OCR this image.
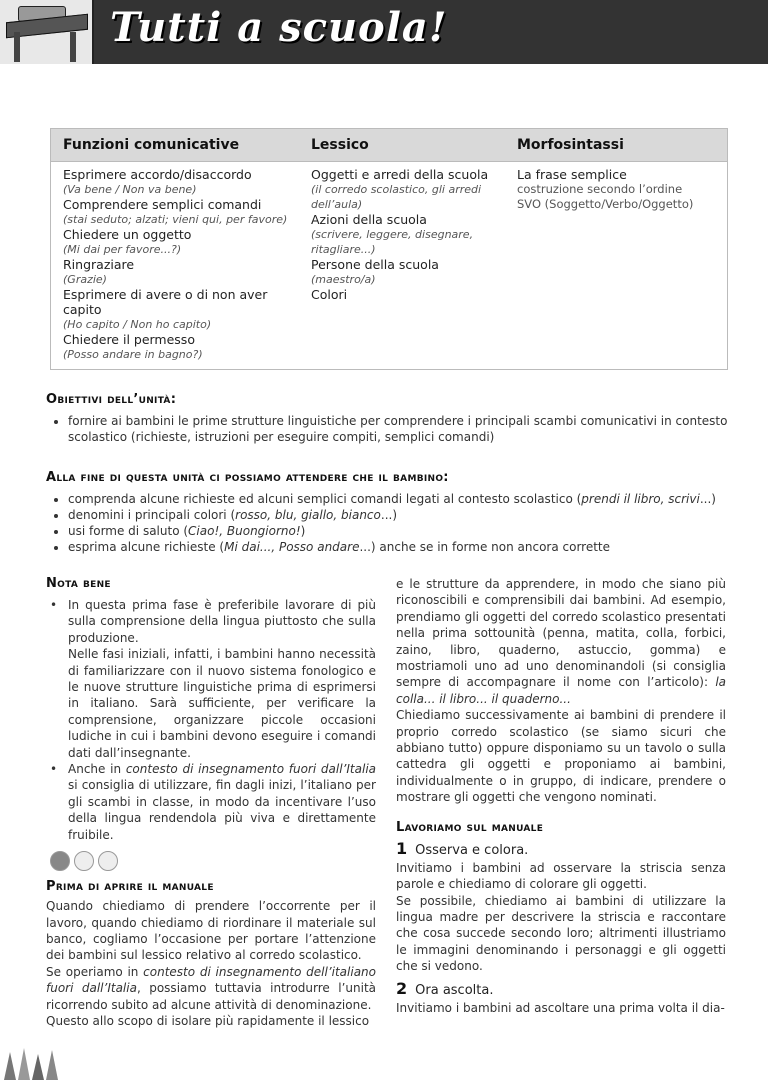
Tutti a scuola!
Funzioni comunicative
Esprimere accordo/disaccordo
(Va bene / Non va bene)
Comprendere semplici comandi
(stai seduto; alzati; vieni qui, per favore)
Chiedere un oggetto
(Mi dai per favore...?)
Ringraziare
(Grazie)
Esprimere di avere o di non aver capito
(Ho capito / Non ho capito)
Chiedere il permesso
(Posso andare in bagno?)
Lessico
Oggetti e arredi della scuola
(il corredo scolastico, gli arredi dell’aula)
Azioni della scuola
(scrivere, leggere, disegnare, ritagliare...)
Persone della scuola
(maestro/a)
Colori
Morfosintassi
La frase semplice
costruzione secondo l’ordine
SVO (Soggetto/Verbo/Oggetto)

Obiettivi dell’unità:

• fornire ai bambini le prime strutture linguistiche per comprendere i principali scambi comunicativi in contesto scolastico (richieste, istruzioni per eseguire compiti, semplici comandi)

Alla fine di questa unità ci possiamo attendere che il bambino:

• comprenda alcune richieste ed alcuni semplici comandi legati al contesto scolastico (prendi il libro, scrivi...)
• denomini i principali colori (rosso, blu, giallo, bianco...)
• usi forme di saluto (Ciao!, Buongiorno!)
• esprima alcune richieste (Mi dai..., Posso andare...) anche se in forme non ancora corrette

Nota bene

• In questa prima fase è preferibile lavorare di più sulla comprensione della lingua piuttosto che sulla produzione.
Nelle fasi iniziali, infatti, i bambini hanno necessità di familiarizzare con il nuovo sistema fonologico e le nuove strutture linguistiche prima di esprimersi in italiano. Sarà sufficiente, per verificare la comprensione, organizzare piccole occasioni ludiche in cui i bambini devono eseguire i comandi dati dall’insegnante.
• Anche in contesto di insegnamento fuori dall’Italia si consiglia di utilizzare, fin dagli inizi, l’italiano per gli scambi in classe, in modo da incentivare l’uso della lingua rendendola più viva e direttamente fruibile.

Prima di aprire il manuale

Quando chiediamo di prendere l’occorrente per il lavoro, quando chiediamo di riordinare il materiale sul banco, cogliamo l’occasione per portare l’attenzione dei bambini sul lessico relativo al corredo scolastico.
Se operiamo in contesto di insegnamento dell’italiano fuori dall’Italia, possiamo tuttavia introdurre l’unità ricorrendo subito ad alcune attività di denominazione.
Questo allo scopo di isolare più rapidamente il lessico
e le strutture da apprendere, in modo che siano più riconoscibili e comprensibili dai bambini. Ad esempio, prendiamo gli oggetti del corredo scolastico presentati nella prima sottounità (penna, matita, colla, forbici, zaino, libro, quaderno, astuccio, gomma) e mostriamoli uno ad uno denominandoli (si consiglia sempre di accompagnare il nome con l’articolo): la colla... il libro... il quaderno...
Chiediamo successivamente ai bambini di prendere il proprio corredo scolastico (se siamo sicuri che abbiano tutto) oppure disponiamo su un tavolo o sulla cattedra gli oggetti e proponiamo ai bambini, individualmente o in gruppo, di indicare, prendere o mostrare gli oggetti che vengono nominati.

Lavoriamo sul manuale

1 Osserva e colora.
Invitiamo i bambini ad osservare la striscia senza parole e chiediamo di colorare gli oggetti.
Se possibile, chiediamo ai bambini di utilizzare la lingua madre per descrivere la striscia e raccontare che cosa succede secondo loro; altrimenti illustriamo le immagini denominando i personaggi e gli oggetti che si vedono.
2 Ora ascolta.
Invitiamo i bambini ad ascoltare una prima volta il dia-
